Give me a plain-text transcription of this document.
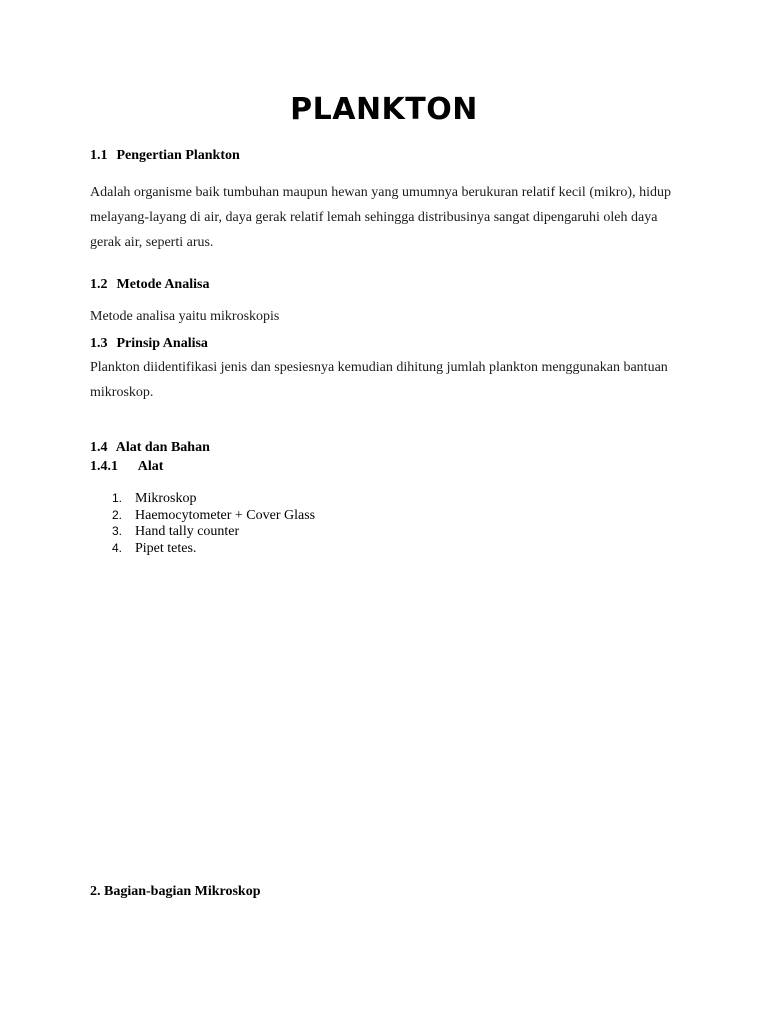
PLANKTON
1.1 Pengertian Plankton
Adalah organisme baik tumbuhan maupun hewan yang umumnya berukuran relatif kecil (mikro), hidup melayang-layang di air, daya gerak relatif lemah sehingga distribusinya sangat dipengaruhi oleh daya gerak air, seperti arus.
1.2 Metode Analisa
Metode analisa yaitu mikroskopis
1.3 Prinsip Analisa
Plankton diidentifikasi jenis dan spesiesnya kemudian dihitung jumlah plankton menggunakan bantuan mikroskop.
1.4 Alat dan Bahan
1.4.1 Alat
1. Mikroskop
2. Haemocytometer + Cover Glass
3. Hand tally counter
4. Pipet tetes.
2. Bagian-bagian Mikroskop
